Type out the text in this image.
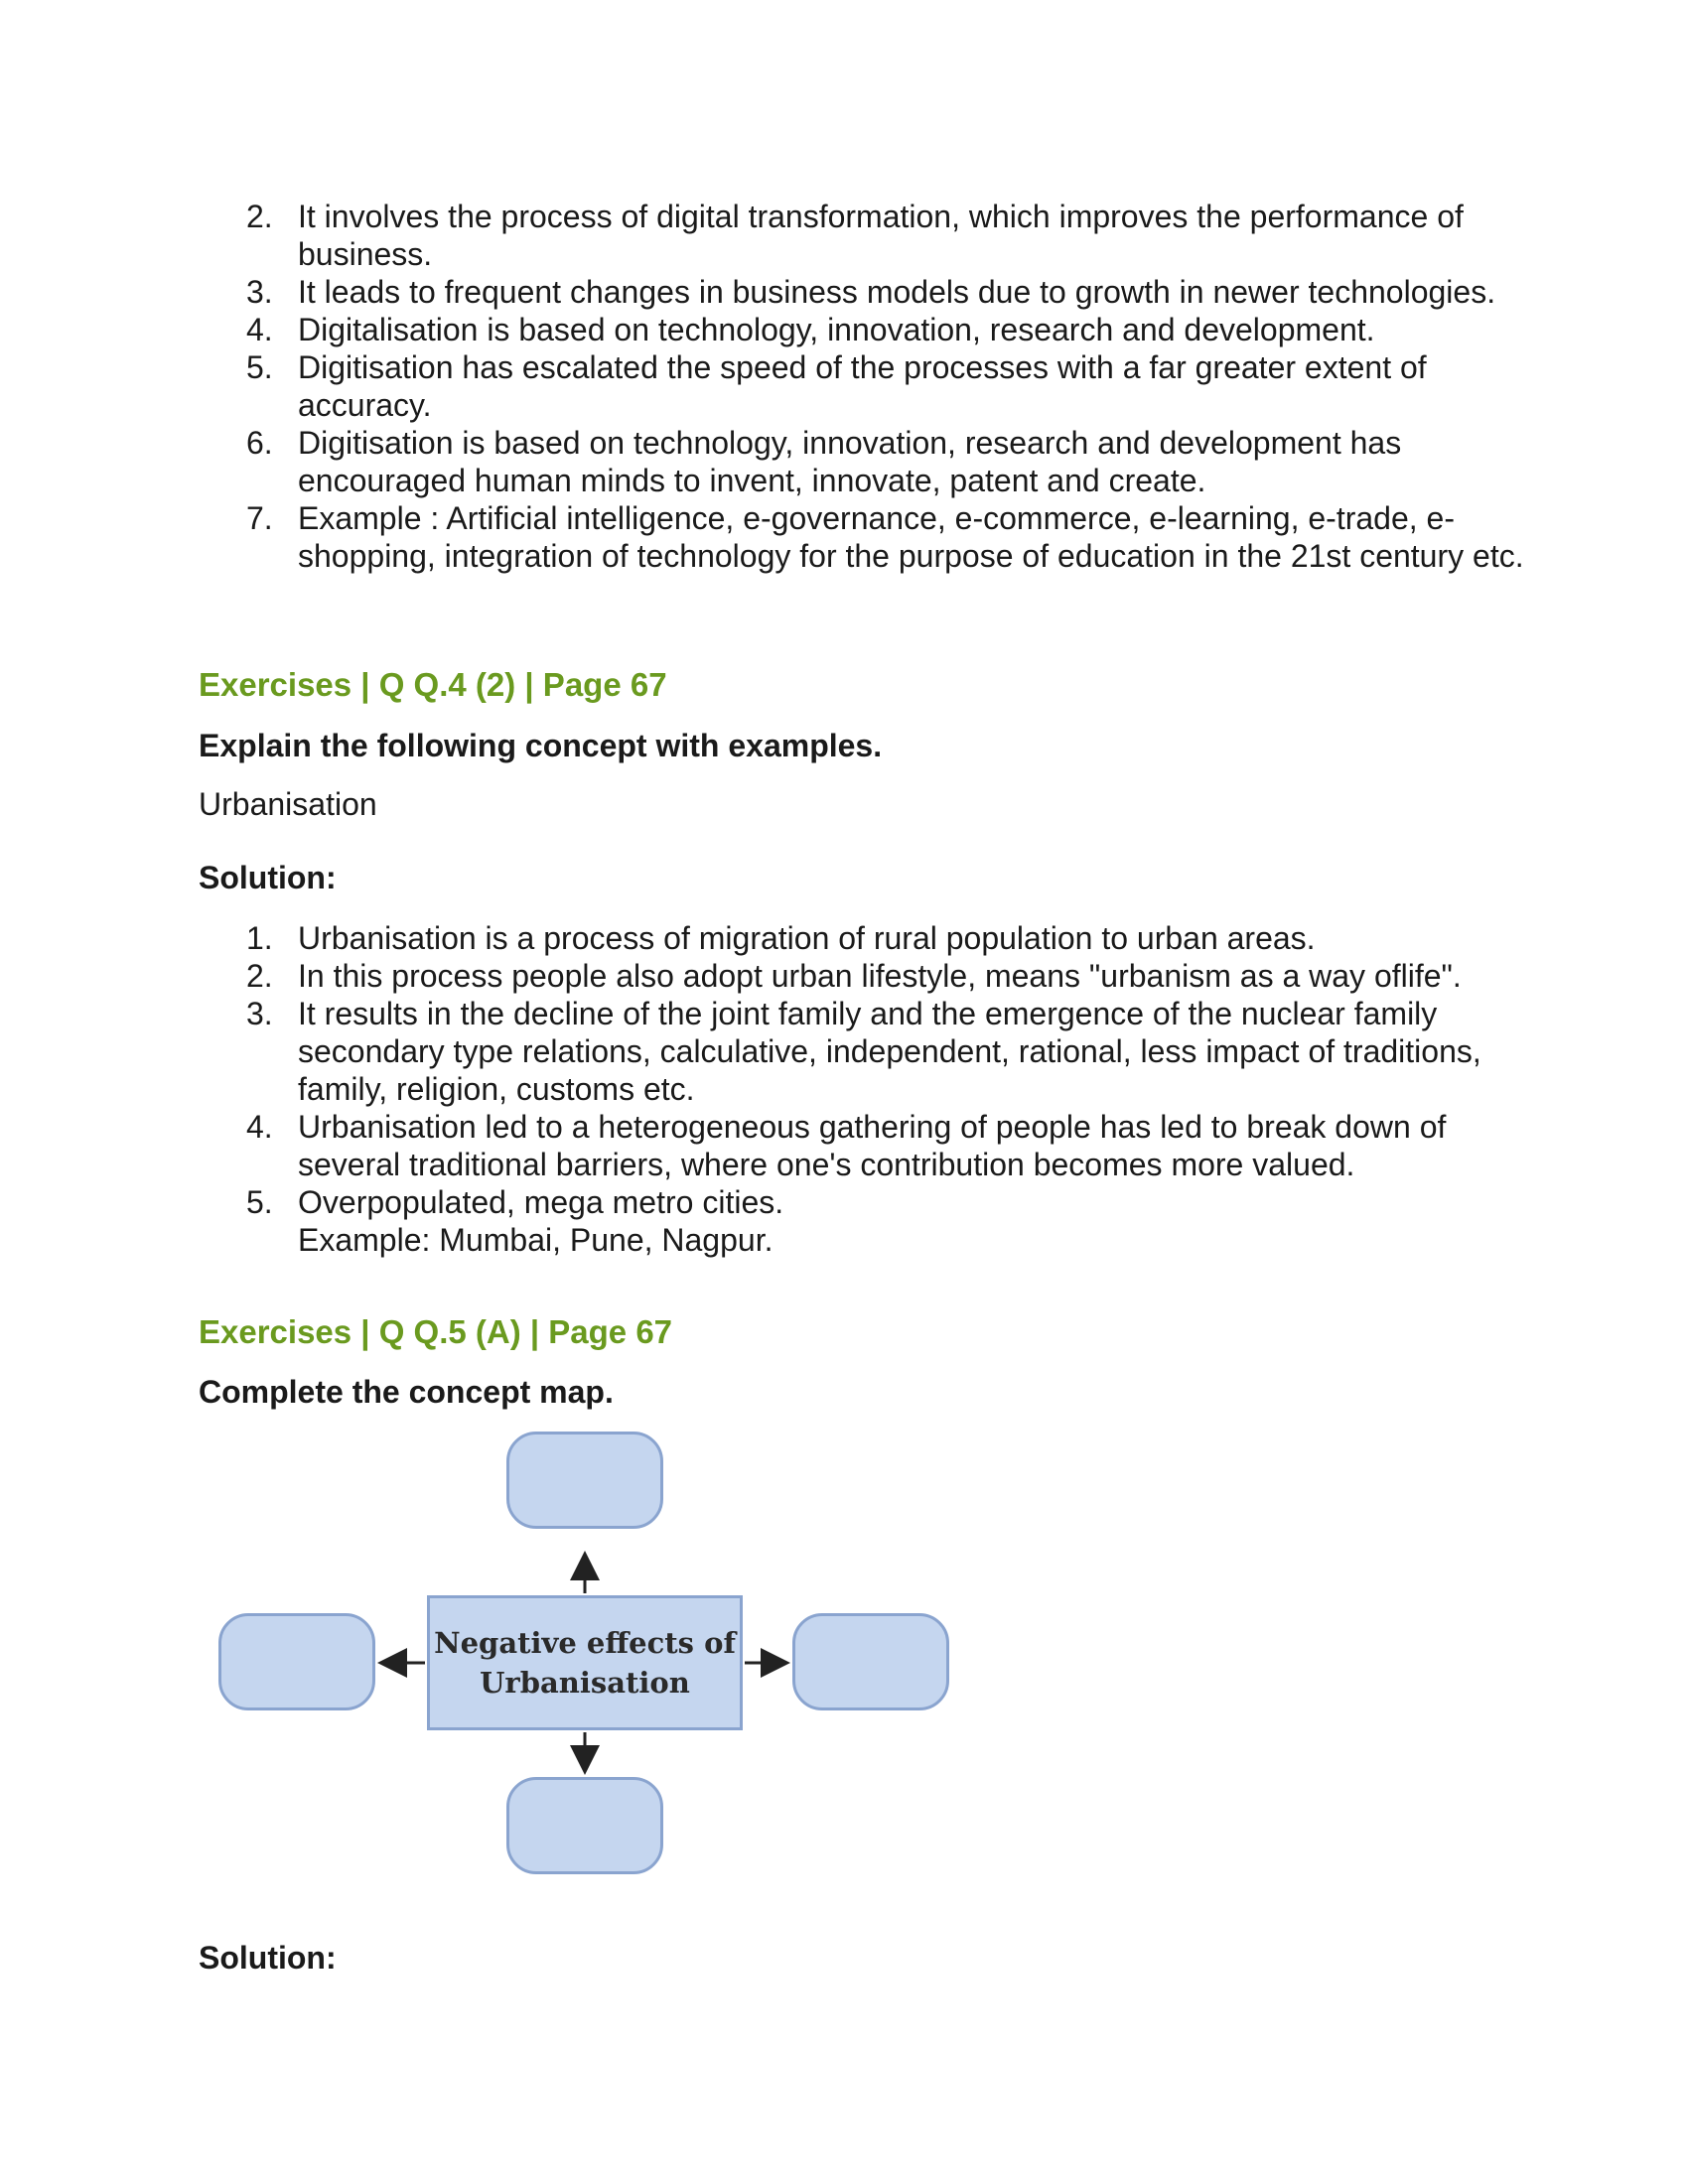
2. It involves the process of digital transformation, which improves the performance of business.
3. It leads to frequent changes in business models due to growth in newer technologies.
4. Digitalisation is based on technology, innovation, research and development.
5. Digitisation has escalated the speed of the processes with a far greater extent of accuracy.
6. Digitisation is based on technology, innovation, research and development has encouraged human minds to invent, innovate, patent and create.
7. Example : Artificial intelligence, e-governance, e-commerce, e-learning, e-trade, e-shopping, integration of technology for the purpose of education in the 21st century etc.
Exercises | Q Q.4 (2) | Page 67
Explain the following concept with examples.
Urbanisation
Solution:
1. Urbanisation is a process of migration of rural population to urban areas.
2. In this process people also adopt urban lifestyle, means "urbanism as a way oflife".
3. It results in the decline of the joint family and the emergence of the nuclear family secondary type relations, calculative, independent, rational, less impact of traditions, family, religion, customs etc.
4. Urbanisation led to a heterogeneous gathering of people has led to break down of several traditional barriers, where one's contribution becomes more valued.
5. Overpopulated, mega metro cities.
Example: Mumbai, Pune, Nagpur.
Exercises | Q Q.5 (A) | Page 67
Complete the concept map.
Negative effects of
Urbanisation
Solution:
